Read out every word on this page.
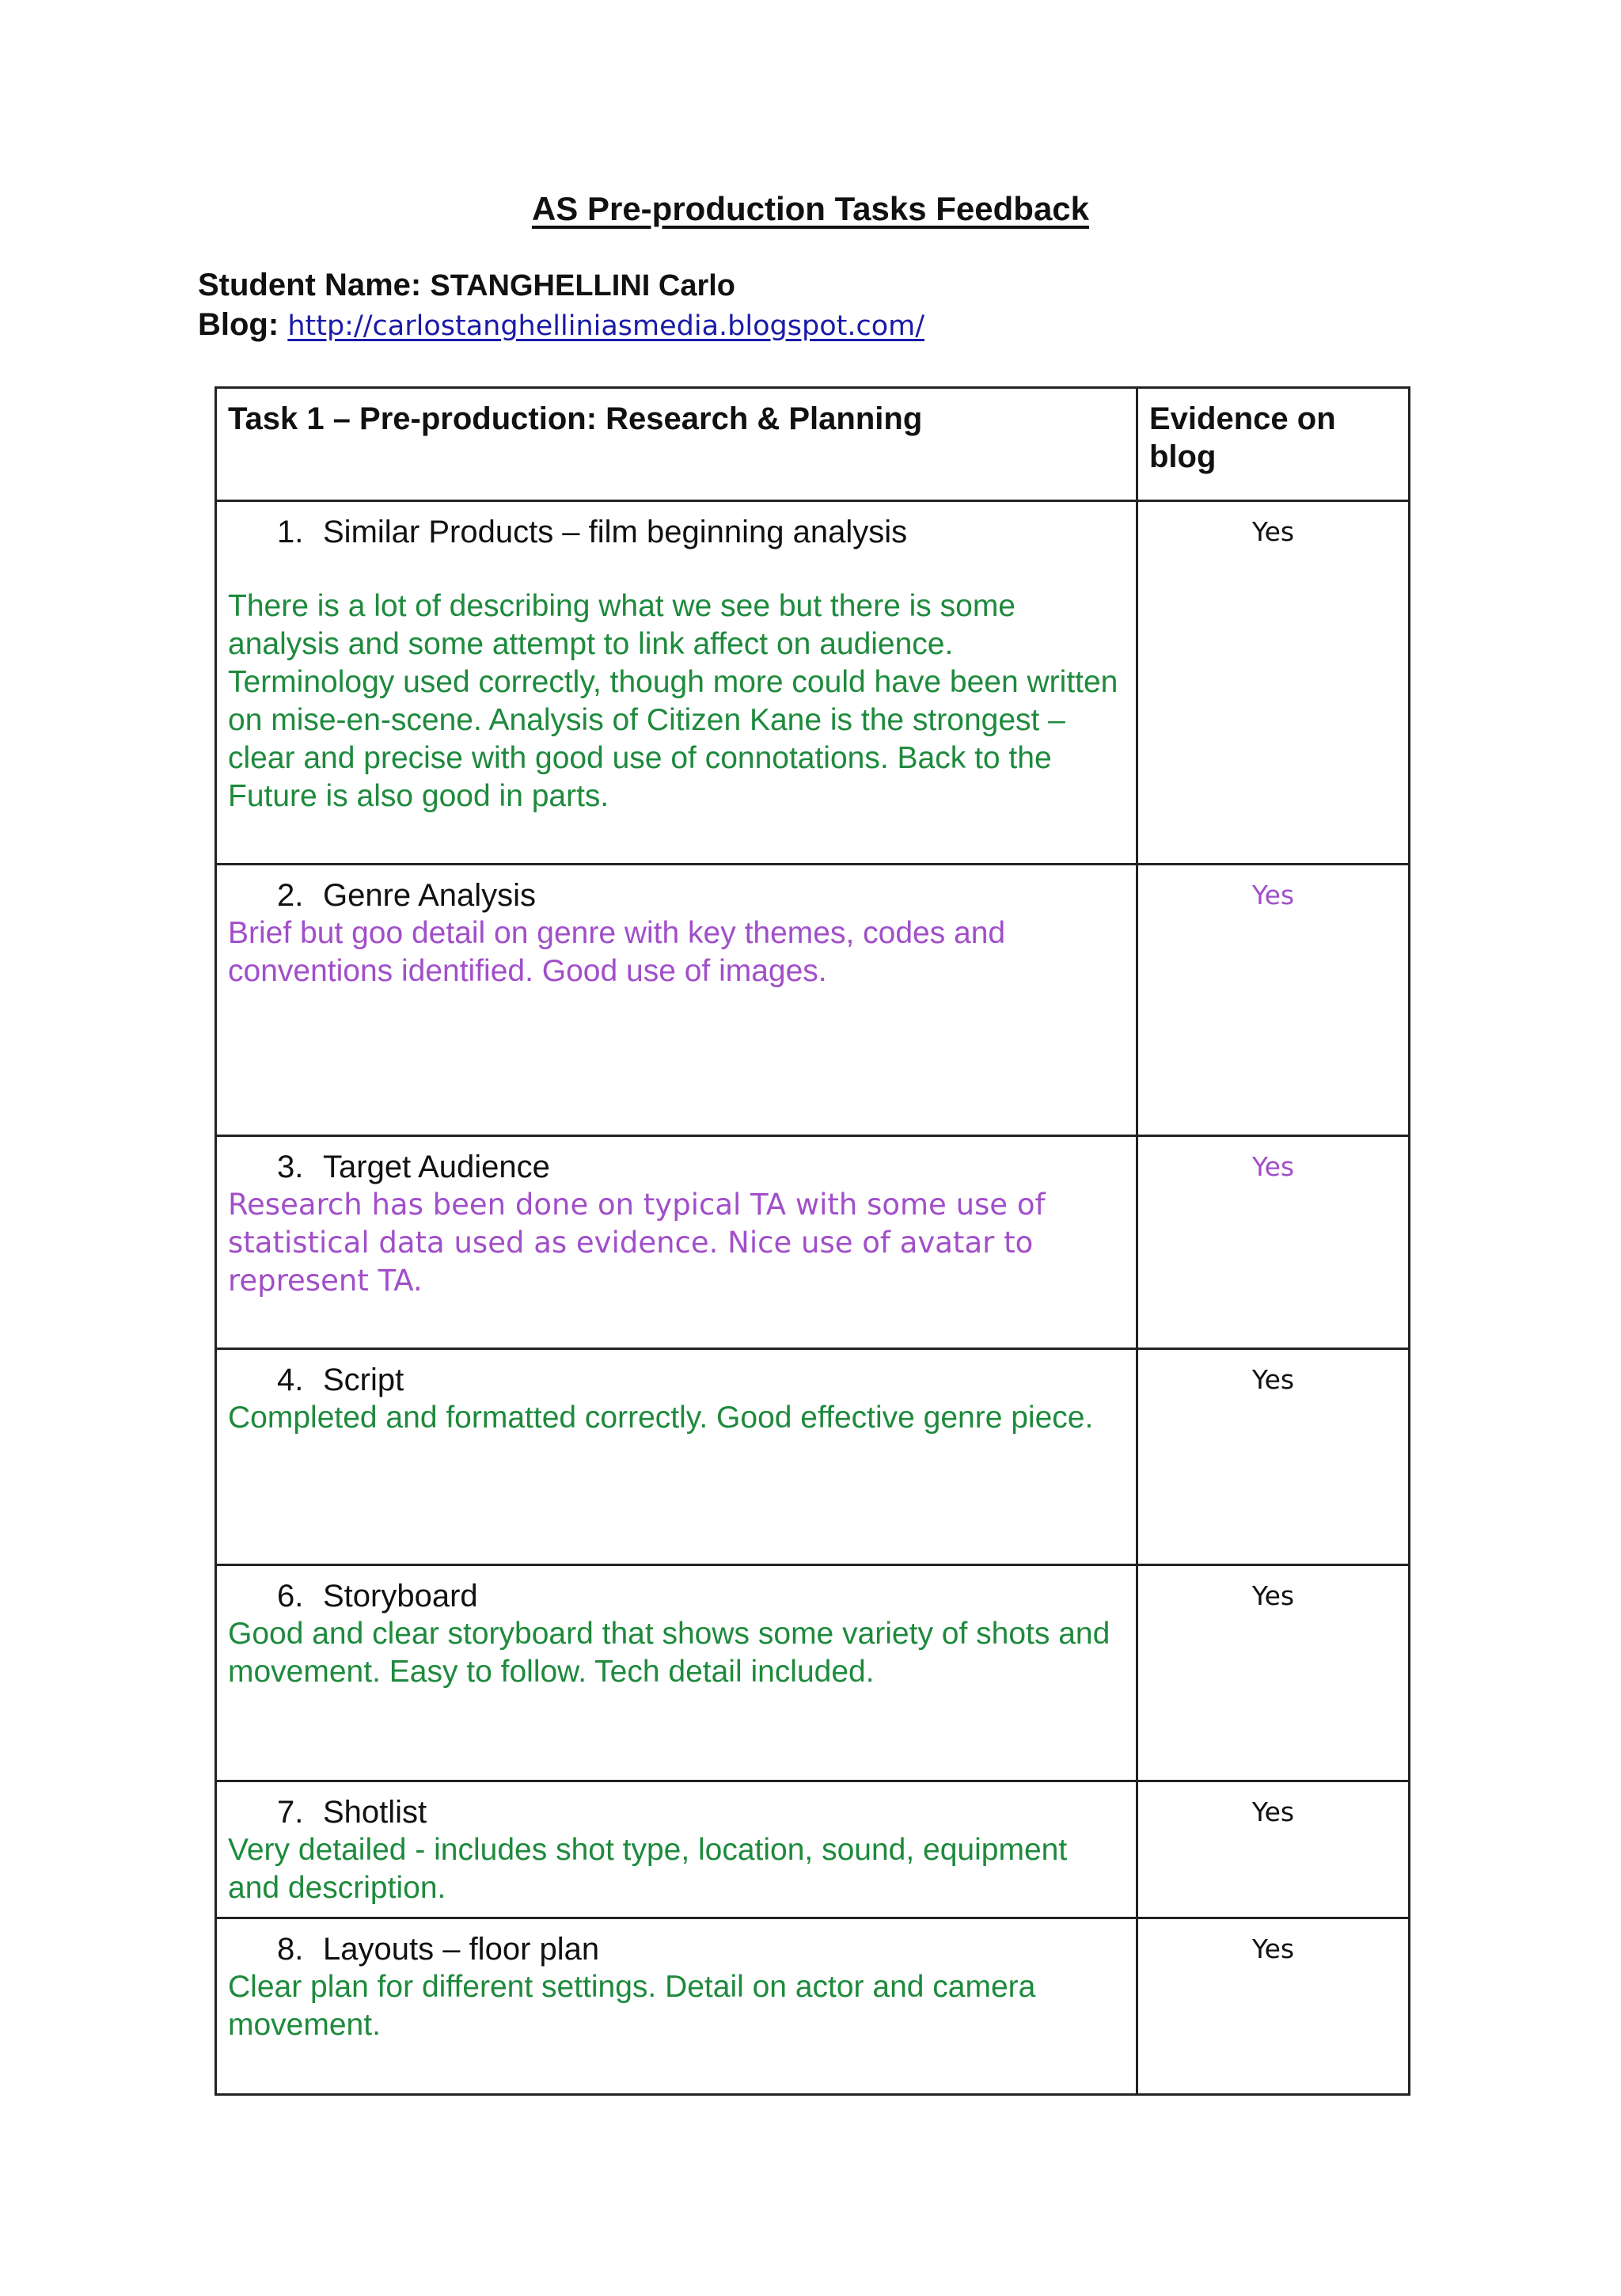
AS Pre-production Tasks Feedback
Student Name: STANGHELLINI Carlo
Blog: http://carlostanghelliniasmedia.blogspot.com/
Task 1 – Pre-production: Research & Planning	Evidence on blog

1. Similar Products – film beginning analysis
There is a lot of describing what we see but there is some analysis and some attempt to link affect on audience. Terminology used correctly, though more could have been written on mise-en-scene. Analysis of Citizen Kane is the strongest – clear and precise with good use of connotations. Back to the Future is also good in parts.	Yes

2. Genre Analysis
Brief but goo detail on genre with key themes, codes and conventions identified. Good use of images.	Yes

3. Target Audience
Research has been done on typical TA with some use of statistical data used as evidence. Nice use of avatar to represent TA.	Yes

4. Script
Completed and formatted correctly. Good effective genre piece.	Yes

6. Storyboard
Good and clear storyboard that shows some variety of shots and movement. Easy to follow. Tech detail included.	Yes

7. Shotlist
Very detailed - includes shot type, location, sound, equipment and description.	Yes

8. Layouts – floor plan
Clear plan for different settings. Detail on actor and camera movement.	Yes
